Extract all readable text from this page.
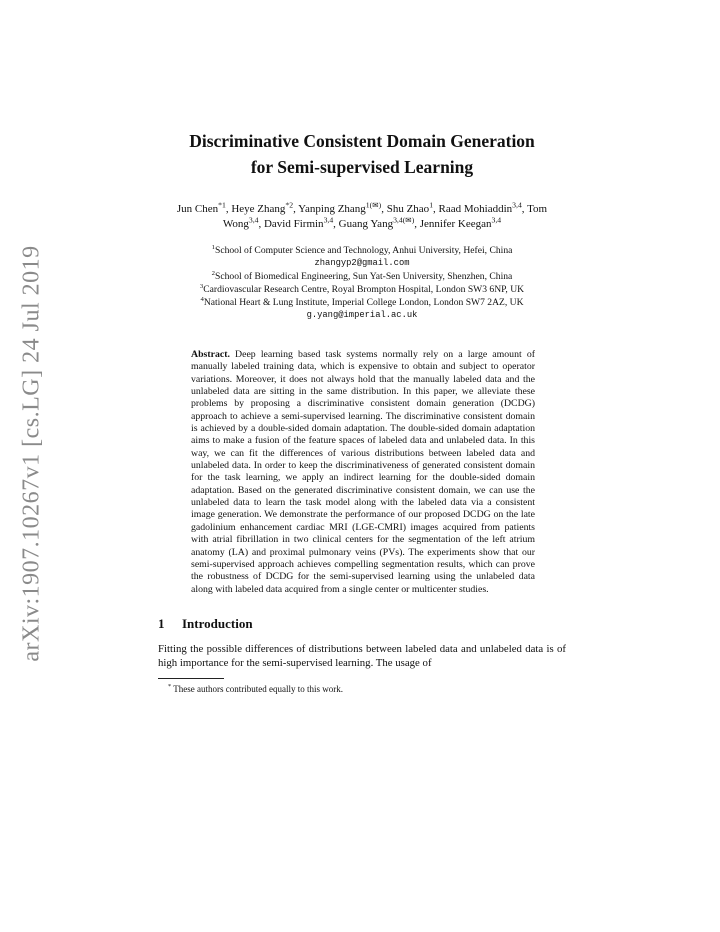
arXiv:1907.10267v1 [cs.LG] 24 Jul 2019
Discriminative Consistent Domain Generation
for Semi-supervised Learning
Jun Chen$^{*1}$, Heye Zhang$^{*2}$, Yanping Zhang$^{1(✉)}$, Shu Zhao$^1$, Raad Mohiaddin$^{3,4}$, Tom Wong$^{3,4}$, David Firmin$^{3,4}$, Guang Yang$^{3,4(✉)}$, Jennifer Keegan$^{3,4}$
$^1$School of Computer Science and Technology, Anhui University, Hefei, China
zhangyp2@gmail.com
$^2$School of Biomedical Engineering, Sun Yat-Sen University, Shenzhen, China
$^3$Cardiovascular Research Centre, Royal Brompton Hospital, London SW3 6NP, UK
$^4$National Heart & Lung Institute, Imperial College London, London SW7 2AZ, UK
g.yang@imperial.ac.uk
Abstract. Deep learning based task systems normally rely on a large amount of manually labeled training data, which is expensive to obtain and subject to operator variations. Moreover, it does not always hold that the manually labeled data and the unlabeled data are sitting in the same distribution. In this paper, we alleviate these problems by proposing a discriminative consistent domain generation (DCDG) approach to achieve a semi-supervised learning. The discriminative consistent domain is achieved by a double-sided domain adaptation. The double-sided domain adaptation aims to make a fusion of the feature spaces of labeled data and unlabeled data. In this way, we can fit the differences of various distributions between labeled data and unlabeled data. In order to keep the discriminativeness of generated consistent domain for the task learning, we apply an indirect learning for the double-sided domain adaptation. Based on the generated discriminative consistent domain, we can use the unlabeled data to learn the task model along with the labeled data via a consistent image generation. We demonstrate the performance of our proposed DCDG on the late gadolinium enhancement cardiac MRI (LGE-CMRI) images acquired from patients with atrial fibrillation in two clinical centers for the segmentation of the left atrium anatomy (LA) and proximal pulmonary veins (PVs). The experiments show that our semi-supervised approach achieves compelling segmentation results, which can prove the robustness of DCDG for the semi-supervised learning using the unlabeled data along with labeled data acquired from a single center or multicenter studies.
1 Introduction
Fitting the possible differences of distributions between labeled data and unlabeled data is of high importance for the semi-supervised learning. The usage of
* These authors contributed equally to this work.
